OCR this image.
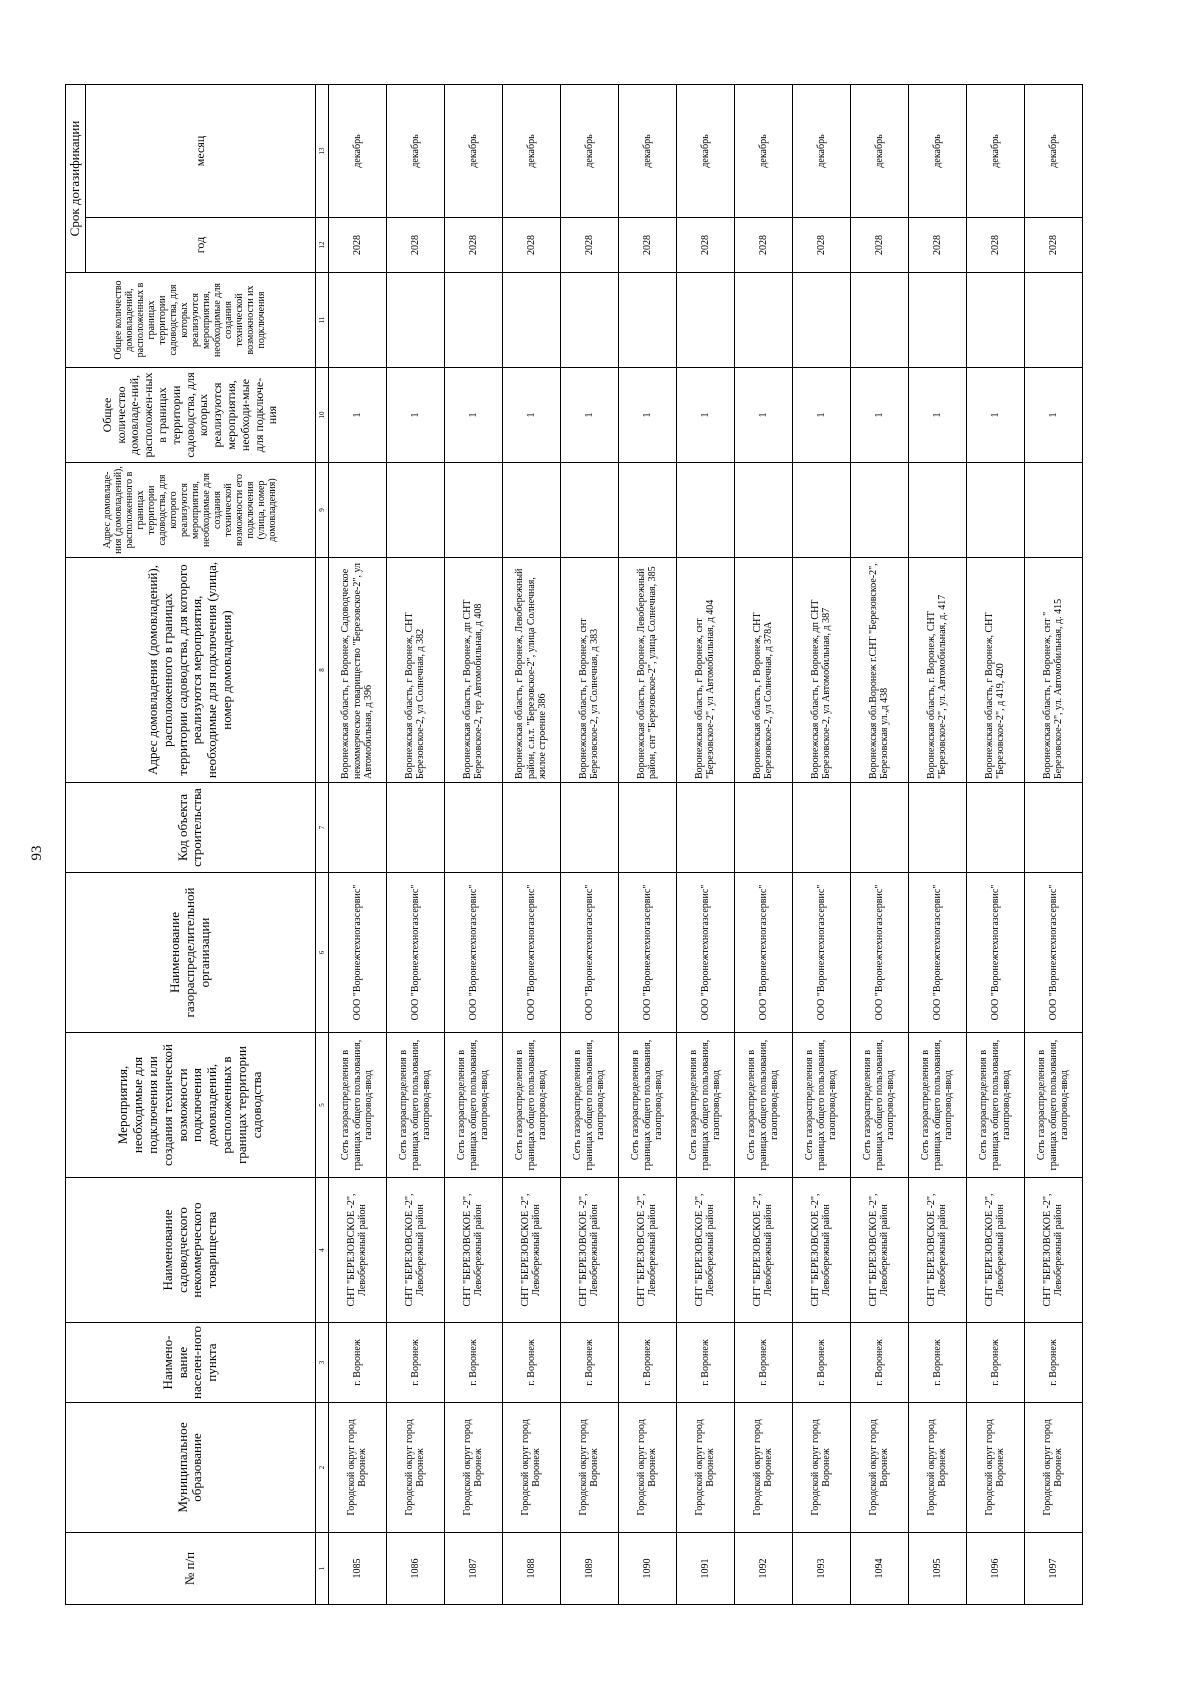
93
№ п/п	Муниципальное образование	Наимено-вание населен-ного пункта	Наименование садоводческого некоммерческого товарищества	Мероприятия, необходимые для подключения или создания технической возможности подключения домовладений, расположенных в границах территории садоводства	Наименование газораспределительной организации	Код объекта строительства	Адрес домовладения (домовладений), расположенного в границах территории садоводства, для которого реализуются мероприятия, необходимые для подключения (улица, номер домовладения)	Адрес домовладе-ния (домовладений), расположенного в границах территории садоводства, для которого реализуются мероприятия, необходимые для создания технической возможности его подключения (улица, номер домовладения)	Общее количество домовладе-ний, расположен-ных в границах территории садоводства, для которых реализуются мероприятия, необходи-мые для подключе-ния	Общее количество домовладений, расположенных в границах территории садоводства, для которых реализуются мероприятия, необходимые для создания технической возможности их подключения	Срок догазификации	
											год	месяц
1	2	3	4	5	6	7	8	9	10	11	12	13
1085	Городской округ город Воронеж	г. Воронеж	СНТ "БЕРЕЗОВСКОЕ -2", Левобережный район	Сеть газораспределения в границах общего пользования, газопровод-ввод	ООО "Воронежтехногазсервис"		Воронежская область, г Воронеж, Садоводческое некоммерческое товарищество "Березовское-2", ул Автомобильная, д 396		1		2028	декабрь
1086	Городской округ город Воронеж	г. Воронеж	СНТ "БЕРЕЗОВСКОЕ -2", Левобережный район	Сеть газораспределения в границах общего пользования, газопровод-ввод	ООО "Воронежтехногазсервис"		Воронежская область, г Воронеж, СНТ Березовское-2, ул Солнечная, д 382		1		2028	декабрь
1087	Городской округ город Воронеж	г. Воронеж	СНТ "БЕРЕЗОВСКОЕ -2", Левобережный район	Сеть газораспределения в границах общего пользования, газопровод-ввод	ООО "Воронежтехногазсервис"		Воронежская область, г Воронеж, дп СНТ Березовское-2, тер Автомобильная, д 408		1		2028	декабрь
1088	Городской округ город Воронеж	г. Воронеж	СНТ "БЕРЕЗОВСКОЕ -2", Левобережный район	Сеть газораспределения в границах общего пользования, газопровод-ввод	ООО "Воронежтехногазсервис"		Воронежская область, г Воронеж, Левобережный район, с.н.т. "Березовское-2", улица Солнечная, жилое строение 386		1		2028	декабрь
1089	Городской округ город Воронеж	г. Воронеж	СНТ "БЕРЕЗОВСКОЕ -2", Левобережный район	Сеть газораспределения в границах общего пользования, газопровод-ввод	ООО "Воронежтехногазсервис"		Воронежская область, г Воронеж, снт Березовское-2, ул Солнечная, д 383		1		2028	декабрь
1090	Городской округ город Воронеж	г. Воронеж	СНТ "БЕРЕЗОВСКОЕ -2", Левобережный район	Сеть газораспределения в границах общего пользования, газопровод-ввод	ООО "Воронежтехногазсервис"		Воронежская область, г Воронеж, Левобережный район, снт "Березовское-2", улица Солнечная, 385		1		2028	декабрь
1091	Городской округ город Воронеж	г. Воронеж	СНТ "БЕРЕЗОВСКОЕ -2", Левобережный район	Сеть газораспределения в границах общего пользования, газопровод-ввод	ООО "Воронежтехногазсервис"		Воронежская область, г Воронеж, снт "Березовское-2", ул Автомобильная, д 404		1		2028	декабрь
1092	Городской округ город Воронеж	г. Воронеж	СНТ "БЕРЕЗОВСКОЕ -2", Левобережный район	Сеть газораспределения в границах общего пользования, газопровод-ввод	ООО "Воронежтехногазсервис"		Воронежская область, г Воронеж, СНТ Березовское-2, ул Солнечная, д 378А		1		2028	декабрь
1093	Городской округ город Воронеж	г. Воронеж	СНТ "БЕРЕЗОВСКОЕ -2", Левобережный район	Сеть газораспределения в границах общего пользования, газопровод-ввод	ООО "Воронежтехногазсервис"		Воронежская область, г Воронеж, дп СНТ Березовское-2, ул Автомобильная, д 387		1		2028	декабрь
1094	Городской округ город Воронеж	г. Воронеж	СНТ "БЕРЕЗОВСКОЕ -2", Левобережный район	Сеть газораспределения в границах общего пользования, газопровод-ввод	ООО "Воронежтехногазсервис"		Воронежская обл.Воронеж г.СНТ "Березовское-2", Березовская ул.,д 438		1		2028	декабрь
1095	Городской округ город Воронеж	г. Воронеж	СНТ "БЕРЕЗОВСКОЕ -2", Левобережный район	Сеть газораспределения в границах общего пользования, газопровод-ввод	ООО "Воронежтехногазсервис"		Воронежская область, г. Воронеж, СНТ "Березовское-2", ул. Автомобильная, д. 417		1		2028	декабрь
1096	Городской округ город Воронеж	г. Воронеж	СНТ "БЕРЕЗОВСКОЕ -2", Левобережный район	Сеть газораспределения в границах общего пользования, газопровод-ввод	ООО "Воронежтехногазсервис"		Воронежская область, г Воронеж, СНТ "Березовское-2", д 419, 420		1		2028	декабрь
1097	Городской округ город Воронеж	г. Воронеж	СНТ "БЕРЕЗОВСКОЕ -2", Левобережный район	Сеть газораспределения в границах общего пользования, газопровод-ввод	ООО "Воронежтехногазсервис"		Воронежская область, г Воронеж, снт " Березовское-2", ул. Автомобильная, д. 415		1		2028	декабрь
